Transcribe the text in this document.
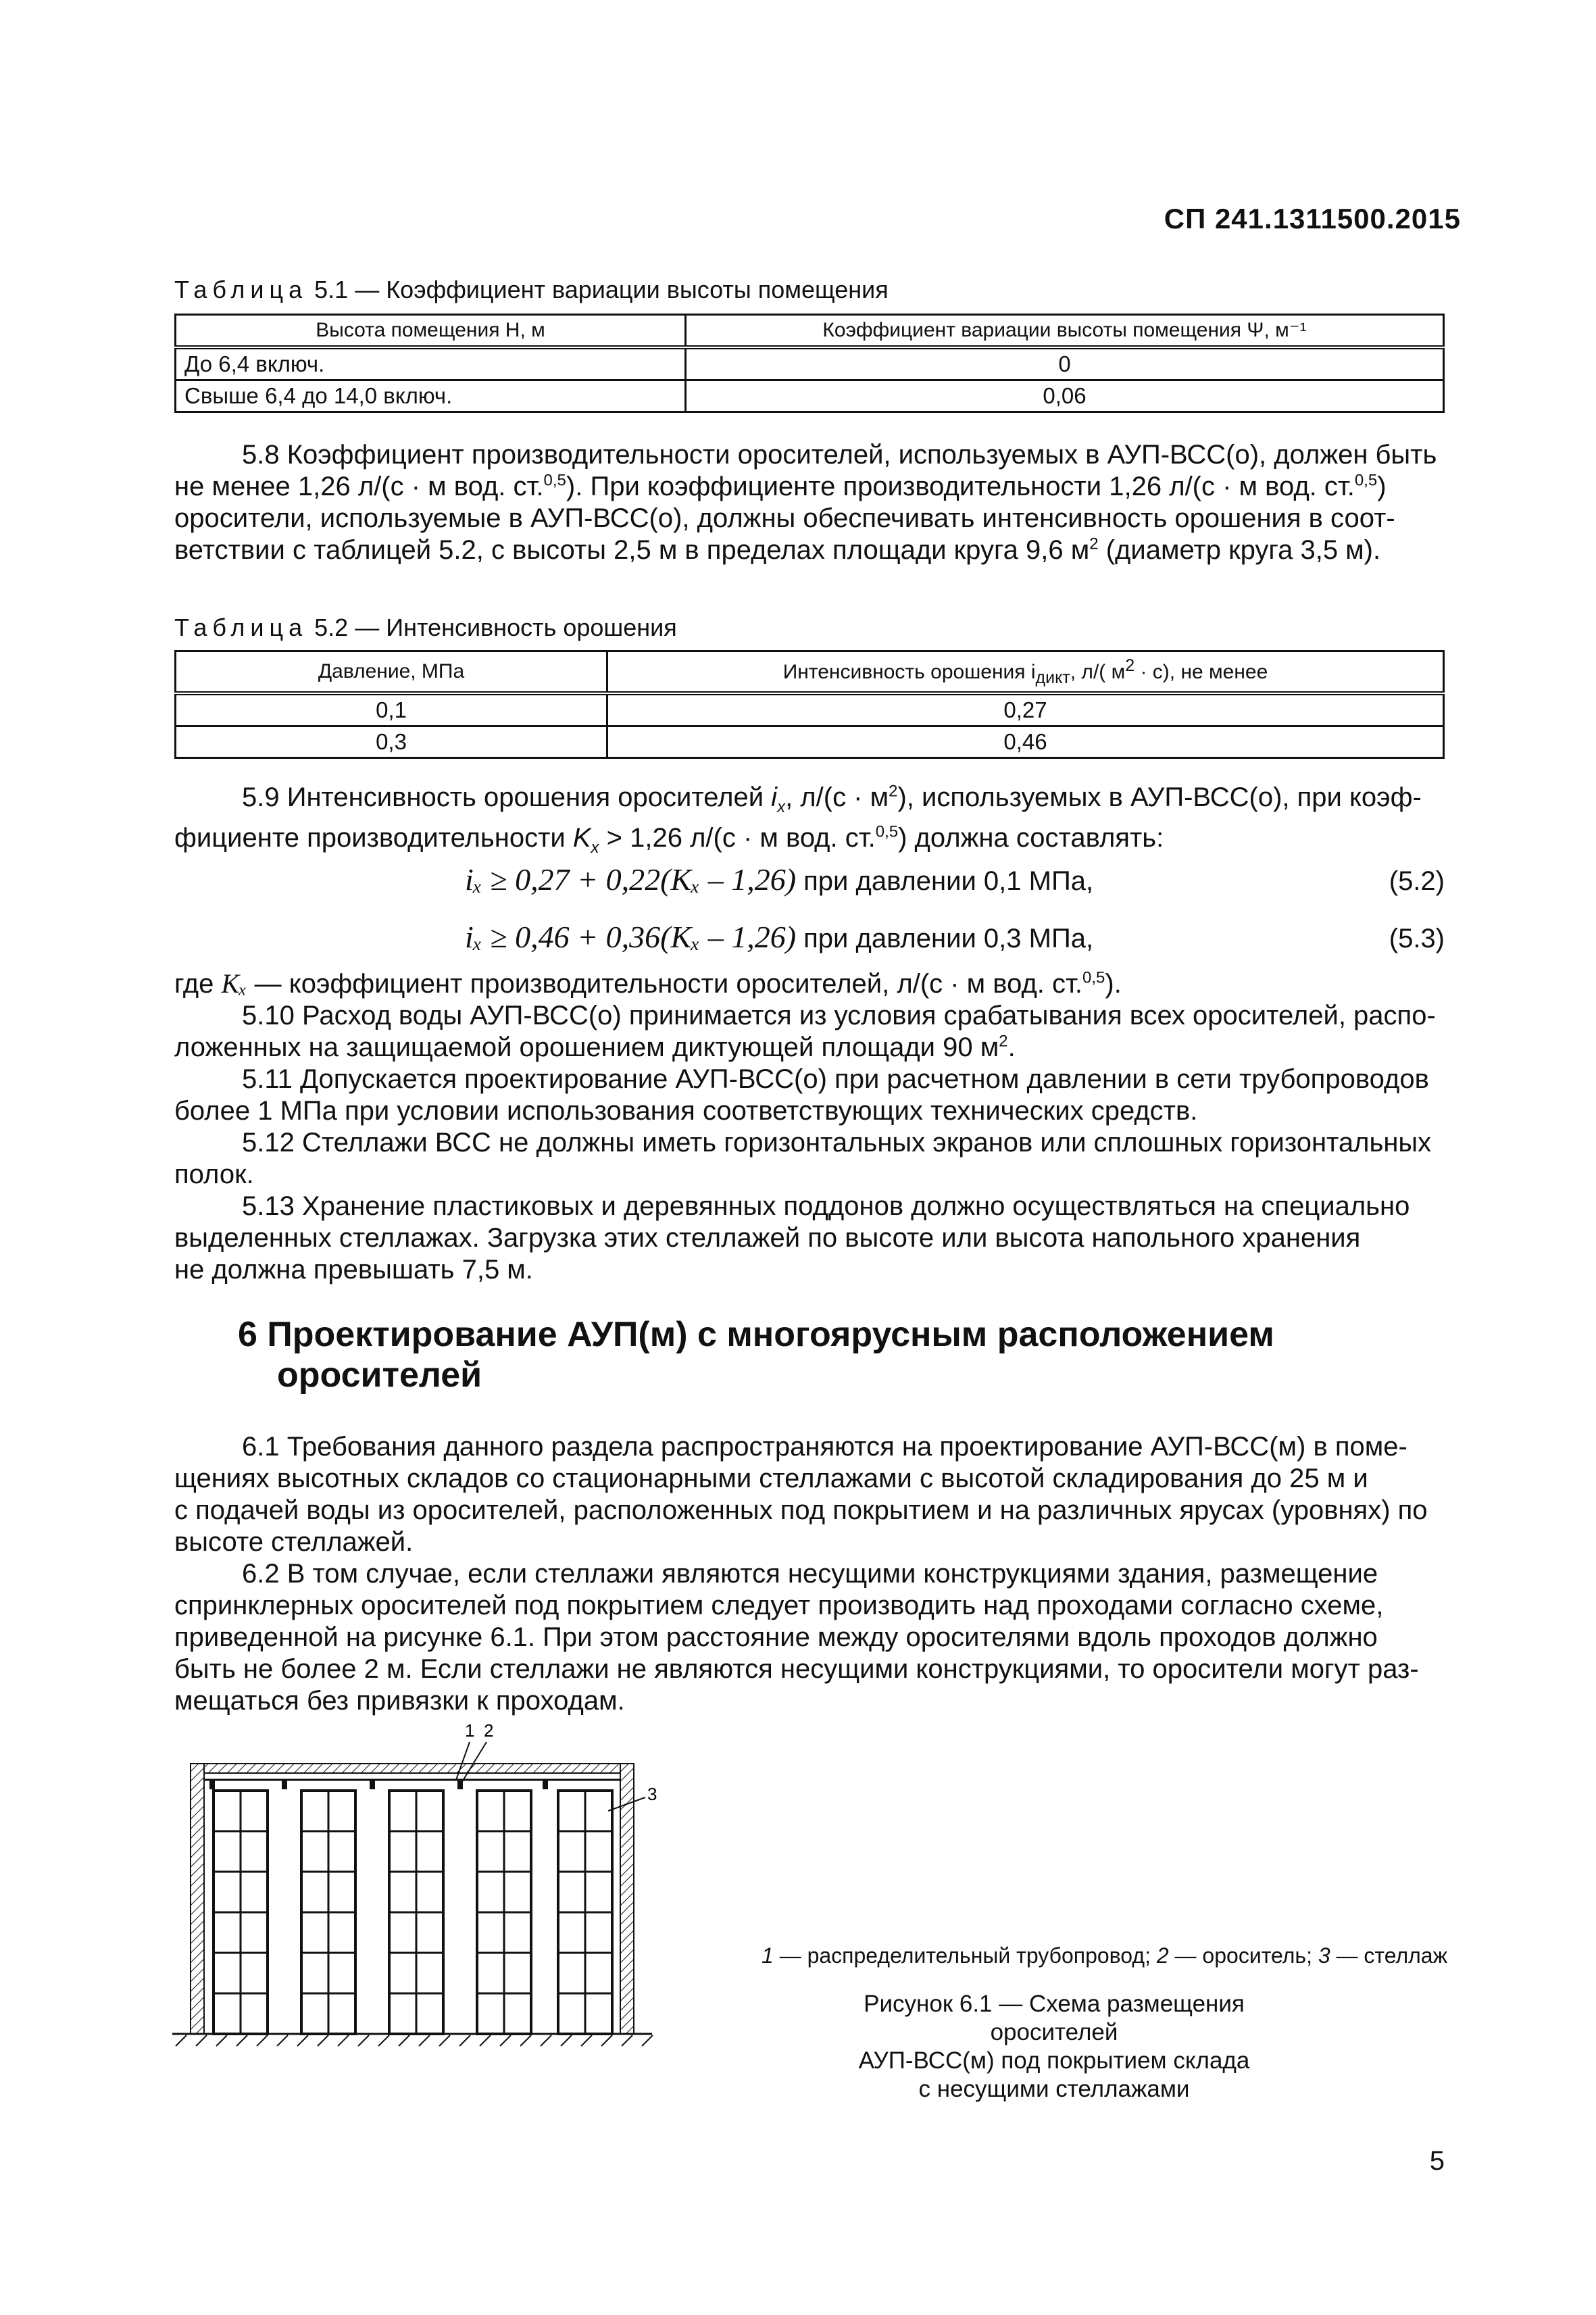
СП 241.1311500.2015
Таблица 5.1 — Коэффициент вариации высоты помещения
Высота помещения H, м	Коэффициент вариации высоты помещения Ψ, м⁻¹
До 6,4 включ.	0
Свыше 6,4 до 14,0 включ.	0,06
5.8 Коэффициент производительности оросителей, используемых в АУП-ВСС(о), должен быть
не менее 1,26 л/(с · м вод. ст.$^{0,5}$). При коэффициенте производительности 1,26 л/(с · м вод. ст.$^{0,5}$)
оросители, используемые в АУП-ВСС(о), должны обеспечивать интенсивность орошения в соот-
ветствии с таблицей 5.2, с высоты 2,5 м в пределах площади круга 9,6 $м^2$ (диаметр круга 3,5 м).
Таблица 5.2 — Интенсивность орошения
Давление, МПа	Интенсивность орошения $i_{дикт}$, л/( $м^2 \cdot с$), не менее
0,1	0,27
0,3	0,46
5.9 Интенсивность орошения оросителей $i_x$, $л/(с \cdot м^2)$, используемых в АУП-ВСС(о), при коэф-
фициенте производительности $K_x > 1,26$ л/(с · м вод. ст.$^{0,5}$) должна составлять:
iₓ ≥ 0,27 + 0,22(Kₓ – 1,26) при давлении 0,1 МПа,	(5.2)
iₓ ≥ 0,46 + 0,36(Kₓ – 1,26) при давлении 0,3 МПа,	(5.3)
где Kₓ — коэффициент производительности оросителей, л/(с · м вод. ст.$^{0,5}$).
5.10 Расход воды АУП-ВСС(о) принимается из условия срабатывания всех оросителей, распо-
ложенных на защищаемой орошением диктующей площади 90 $м^2$.
5.11 Допускается проектирование АУП-ВСС(о) при расчетном давлении в сети трубопроводов
более 1 МПа при условии использования соответствующих технических средств.
5.12 Стеллажи ВСС не должны иметь горизонтальных экранов или сплошных горизонтальных
полок.
5.13 Хранение пластиковых и деревянных поддонов должно осуществляться на специально
выделенных стеллажах. Загрузка этих стеллажей по высоте или высота напольного хранения
не должна превышать 7,5 м.
6 Проектирование АУП(м) с многоярусным расположением
оросителей
6.1 Требования данного раздела распространяются на проектирование АУП-ВСС(м) в поме-
щениях высотных складов со стационарными стеллажами с высотой складирования до 25 м и
с подачей воды из оросителей, расположенных под покрытием и на различных ярусах (уровнях) по
высоте стеллажей.
6.2 В том случае, если стеллажи являются несущими конструкциями здания, размещение
спринклерных оросителей под покрытием следует производить над проходами согласно схеме,
приведенной на рисунке 6.1. При этом расстояние между оросителями вдоль проходов должно
быть не более 2 м. Если стеллажи не являются несущими конструкциями, то оросители могут раз-
мещаться без привязки к проходам.
1 2
3
1 — распределительный трубопровод; 2 — ороситель; 3 — стеллаж
Рисунок 6.1 — Схема размещения оросителей
АУП-ВСС(м) под покрытием склада
с несущими стеллажами
5
